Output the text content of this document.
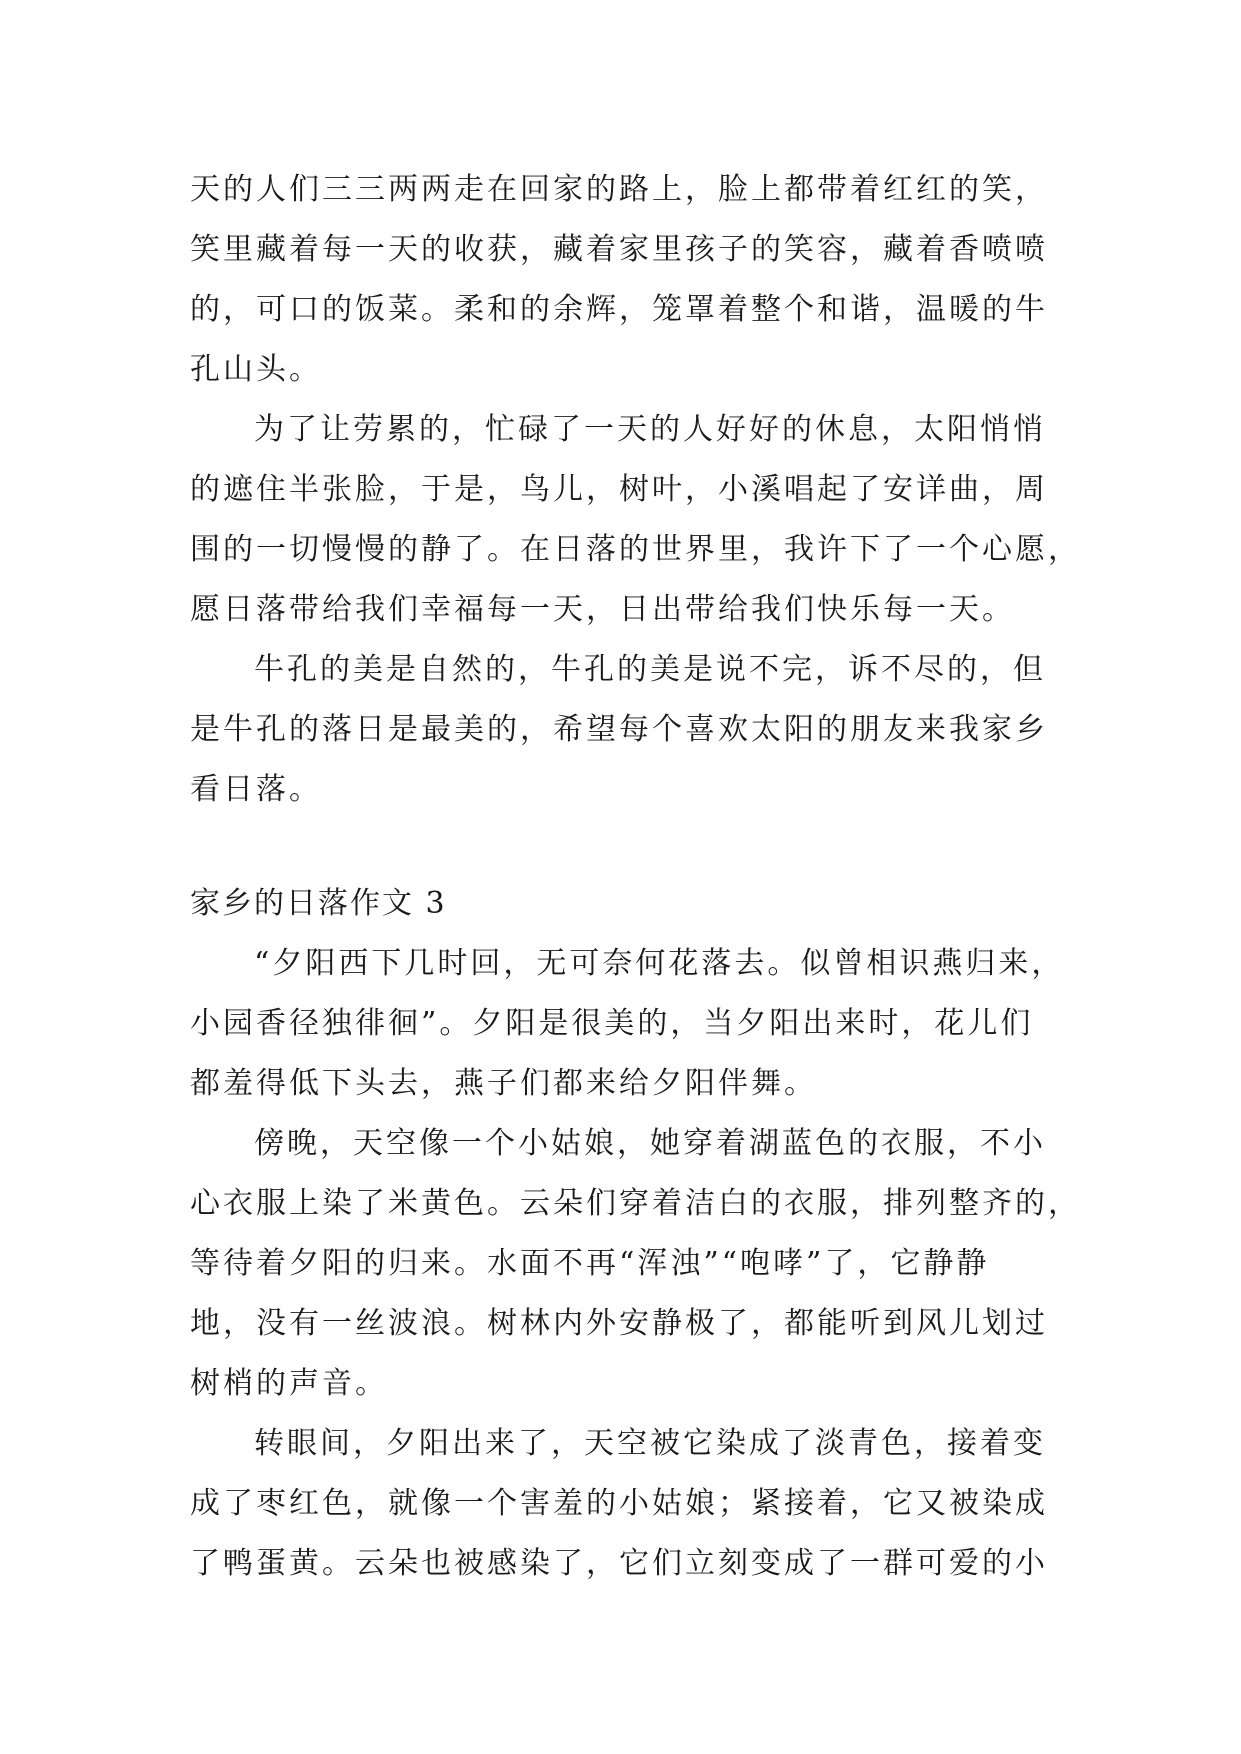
天的人们三三两两走在回家的路上，脸上都带着红红的笑，
笑里藏着每一天的收获，藏着家里孩子的笑容，藏着香喷喷
的，可口的饭菜。柔和的余辉，笼罩着整个和谐，温暖的牛
孔山头。
为了让劳累的，忙碌了一天的人好好的休息，太阳悄悄
的遮住半张脸，于是，鸟儿，树叶，小溪唱起了安详曲，周
围的一切慢慢的静了。在日落的世界里，我许下了一个心愿，
愿日落带给我们幸福每一天，日出带给我们快乐每一天。
牛孔的美是自然的，牛孔的美是说不完，诉不尽的，但
是牛孔的落日是最美的，希望每个喜欢太阳的朋友来我家乡
看日落。
家乡的日落作文 3
“夕阳西下几时回，无可奈何花落去。似曾相识燕归来，
小园香径独徘徊”。夕阳是很美的，当夕阳出来时，花儿们
都羞得低下头去，燕子们都来给夕阳伴舞。
傍晚，天空像一个小姑娘，她穿着湖蓝色的衣服，不小
心衣服上染了米黄色。云朵们穿着洁白的衣服，排列整齐的，
等待着夕阳的归来。水面不再“浑浊”“咆哮”了，它静静
地，没有一丝波浪。树林内外安静极了，都能听到风儿划过
树梢的声音。
转眼间，夕阳出来了，天空被它染成了淡青色，接着变
成了枣红色，就像一个害羞的小姑娘；紧接着，它又被染成
了鸭蛋黄。云朵也被感染了，它们立刻变成了一群可爱的小
